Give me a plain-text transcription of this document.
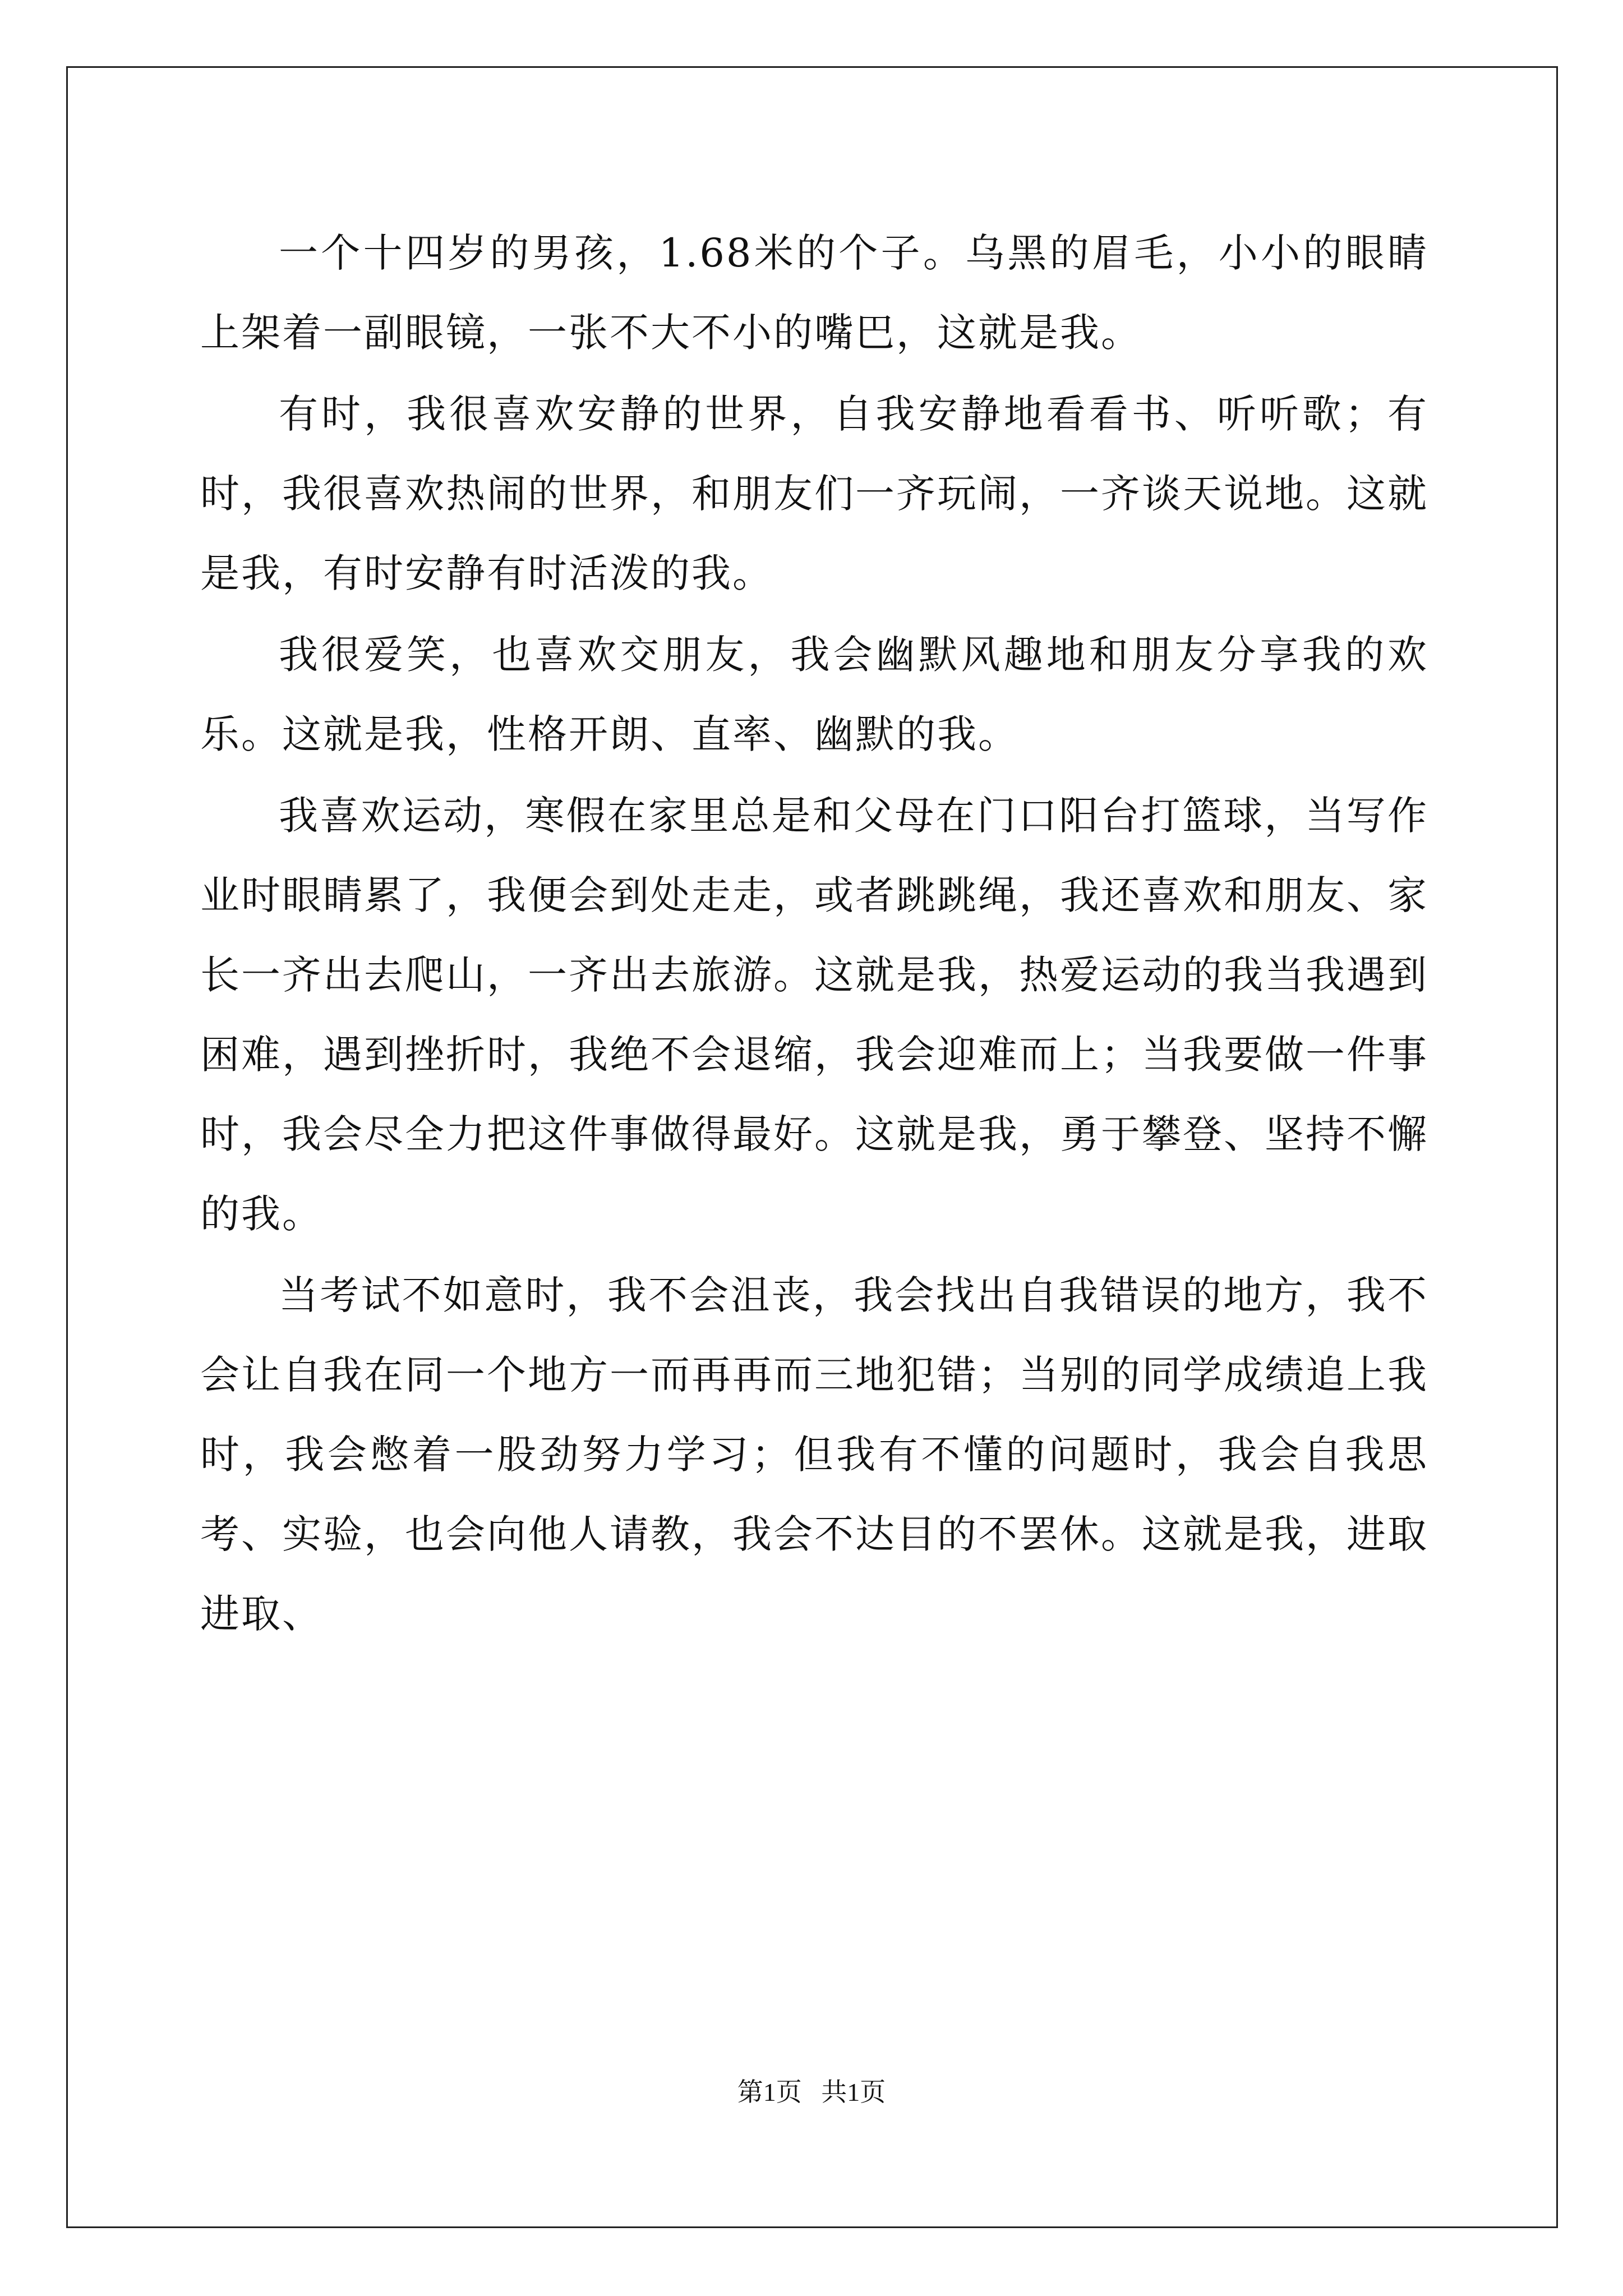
一个十四岁的男孩，1.68米的个子。乌黑的眉毛，小小的眼睛上架着一副眼镜，一张不大不小的嘴巴，这就是我。

有时，我很喜欢安静的世界，自我安静地看看书、听听歌；有时，我很喜欢热闹的世界，和朋友们一齐玩闹，一齐谈天说地。这就是我，有时安静有时活泼的我。

我很爱笑，也喜欢交朋友，我会幽默风趣地和朋友分享我的欢乐。这就是我，性格开朗、直率、幽默的我。

我喜欢运动，寒假在家里总是和父母在门口阳台打篮球，当写作业时眼睛累了，我便会到处走走，或者跳跳绳，我还喜欢和朋友、家长一齐出去爬山，一齐出去旅游。这就是我，热爱运动的我当我遇到困难，遇到挫折时，我绝不会退缩，我会迎难而上；当我要做一件事时，我会尽全力把这件事做得最好。这就是我，勇于攀登、坚持不懈的我。

当考试不如意时，我不会沮丧，我会找出自我错误的地方，我不会让自我在同一个地方一而再再而三地犯错；当别的同学成绩追上我时，我会憋着一股劲努力学习；但我有不懂的问题时，我会自我思考、实验，也会向他人请教，我会不达目的不罢休。这就是我，进取进取、

第1页 共1页
